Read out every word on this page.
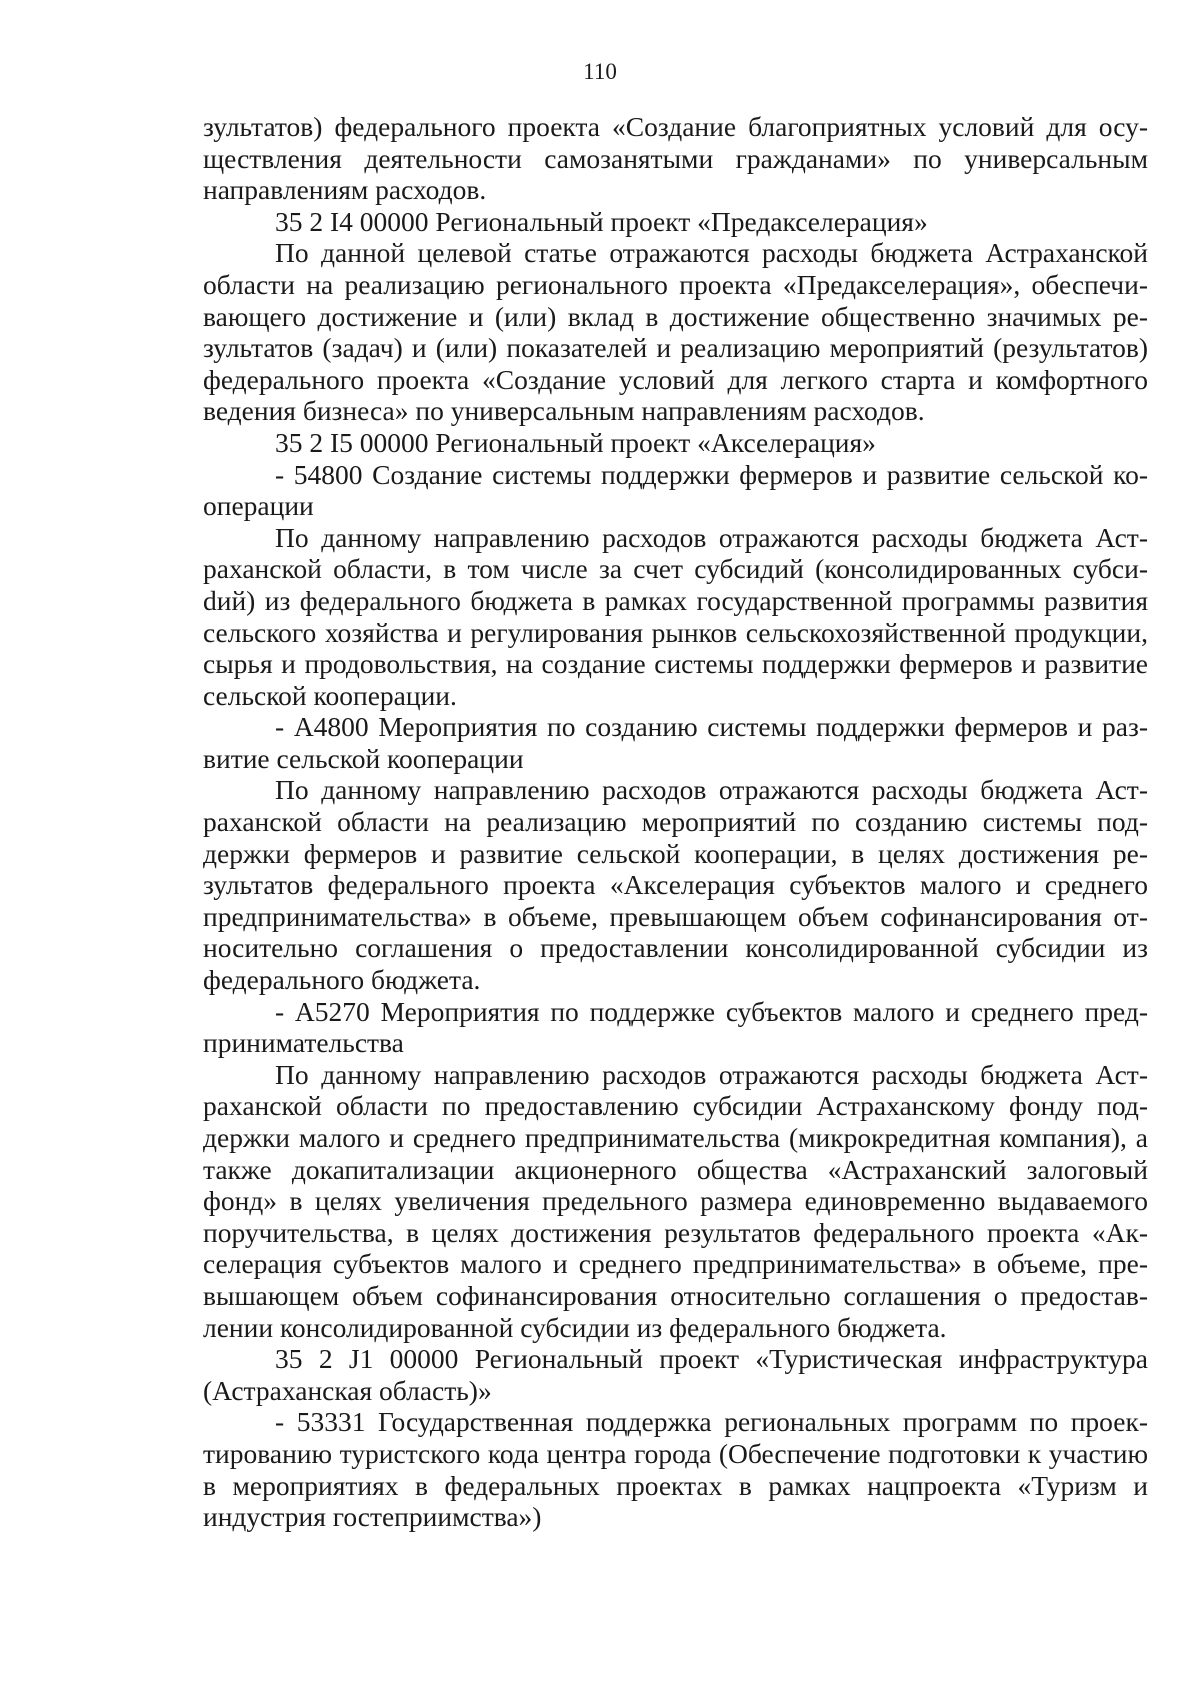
110

зультатов) федерального проекта «Создание благоприятных условий для осуществления деятельности самозанятыми гражданами» по универсальным направлениям расходов.

35 2 I4 00000 Региональный проект «Предакселерация»

По данной целевой статье отражаются расходы бюджета Астраханской области на реализацию регионального проекта «Предакселерация», обеспечивающего достижение и (или) вклад в достижение общественно значимых результатов (задач) и (или) показателей и реализацию мероприятий (результатов) федерального проекта «Создание условий для легкого старта и комфортного ведения бизнеса» по универсальным направлениям расходов.

35 2 I5 00000 Региональный проект «Акселерация»

- 54800 Создание системы поддержки фермеров и развитие сельской кооперации

По данному направлению расходов отражаются расходы бюджета Астраханской области, в том числе за счет субсидий (консолидированных субсиdий) из федерального бюджета в рамках государственной программы развития сельского хозяйства и регулирования рынков сельскохозяйственной продукции, сырья и продовольствия, на создание системы поддержки фермеров и развитие сельской кооперации.

- А4800 Мероприятия по созданию системы поддержки фермеров и развитие сельской кооперации

По данному направлению расходов отражаются расходы бюджета Астраханской области на реализацию мероприятий по созданию системы поддержки фермеров и развитие сельской кооперации, в целях достижения результатов федерального проекта «Акселерация субъектов малого и среднего предпринимательства» в объеме, превышающем объем софинансирования относительно соглашения о предоставлении консолидированной субсидии из федерального бюджета.

- А5270 Мероприятия по поддержке субъектов малого и среднего предпринимательства

По данному направлению расходов отражаются расходы бюджета Астраханской области по предоставлению субсидии Астраханскому фонду поддержки малого и среднего предпринимательства (микрокредитная компания), а также докапитализации акционерного общества «Астраханский залоговый фонд» в целях увеличения предельного размера единовременно выдаваемого поручительства, в целях достижения результатов федерального проекта «Акселерация субъектов малого и среднего предпринимательства» в объеме, превышающем объем софинансирования относительно соглашения о предоставлении консолидированной субсидии из федерального бюджета.

35 2 J1 00000 Региональный проект «Туристическая инфраструктура (Астраханская область)»

- 53331 Государственная поддержка региональных программ по проектированию туристского кода центра города (Обеспечение подготовки к участию в мероприятиях в федеральных проектах в рамках нацпроекта «Туризм и индустрия гостеприимства»)
